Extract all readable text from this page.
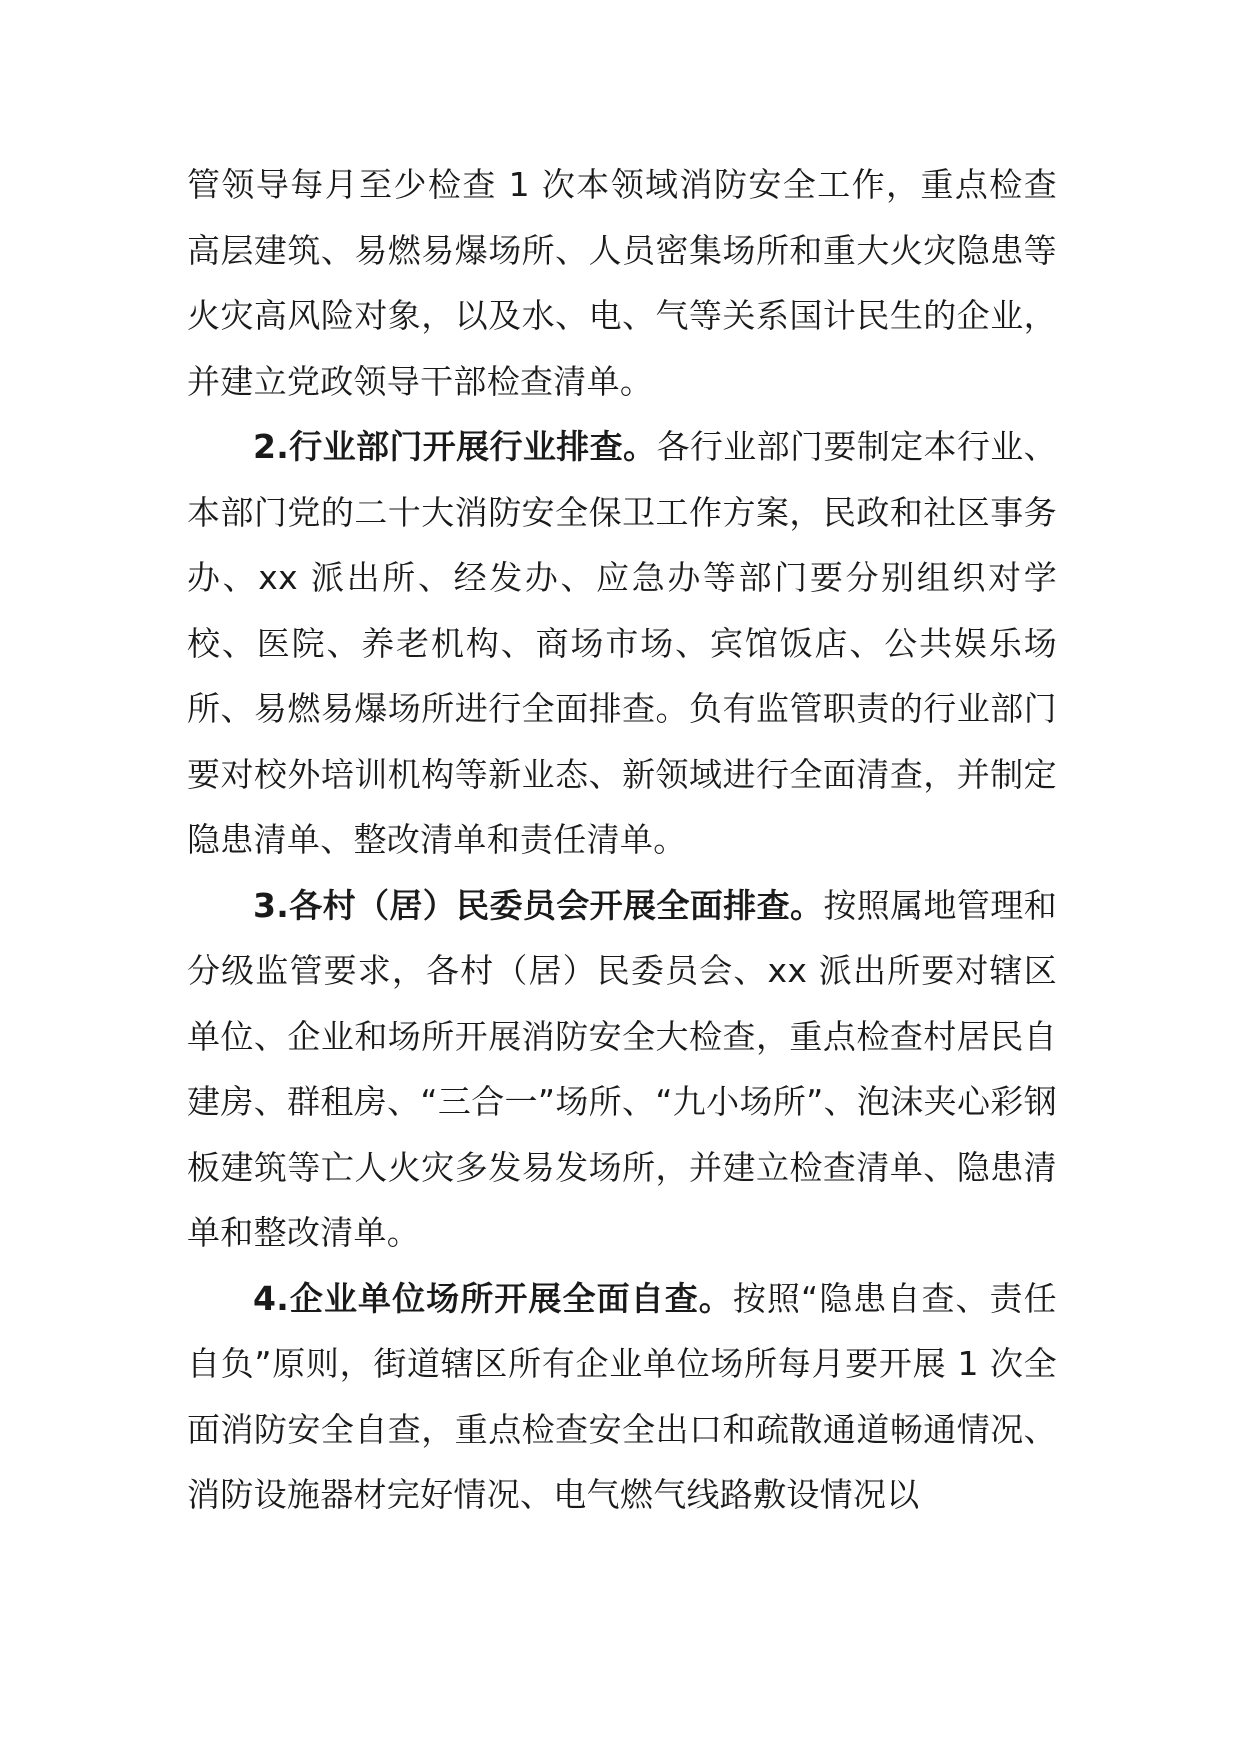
管领导每月至少检查 1 次本领域消防安全工作，重点检查高层建筑、易燃易爆场所、人员密集场所和重大火灾隐患等火灾高风险对象，以及水、电、气等关系国计民生的企业，并建立党政领导干部检查清单。

2.行业部门开展行业排查。各行业部门要制定本行业、本部门党的二十大消防安全保卫工作方案，民政和社区事务办、xx 派出所、经发办、应急办等部门要分别组织对学校、医院、养老机构、商场市场、宾馆饭店、公共娱乐场所、易燃易爆场所进行全面排查。负有监管职责的行业部门要对校外培训机构等新业态、新领域进行全面清查，并制定隐患清单、整改清单和责任清单。

3.各村（居）民委员会开展全面排查。按照属地管理和分级监管要求，各村（居）民委员会、xx 派出所要对辖区单位、企业和场所开展消防安全大检查，重点检查村居民自建房、群租房、“三合一”场所、“九小场所”、泡沫夹心彩钢板建筑等亡人火灾多发易发场所，并建立检查清单、隐患清单和整改清单。

4.企业单位场所开展全面自查。按照“隐患自查、责任自负”原则，街道辖区所有企业单位场所每月要开展 1 次全面消防安全自查，重点检查安全出口和疏散通道畅通情况、消防设施器材完好情况、电气燃气线路敷设情况以
